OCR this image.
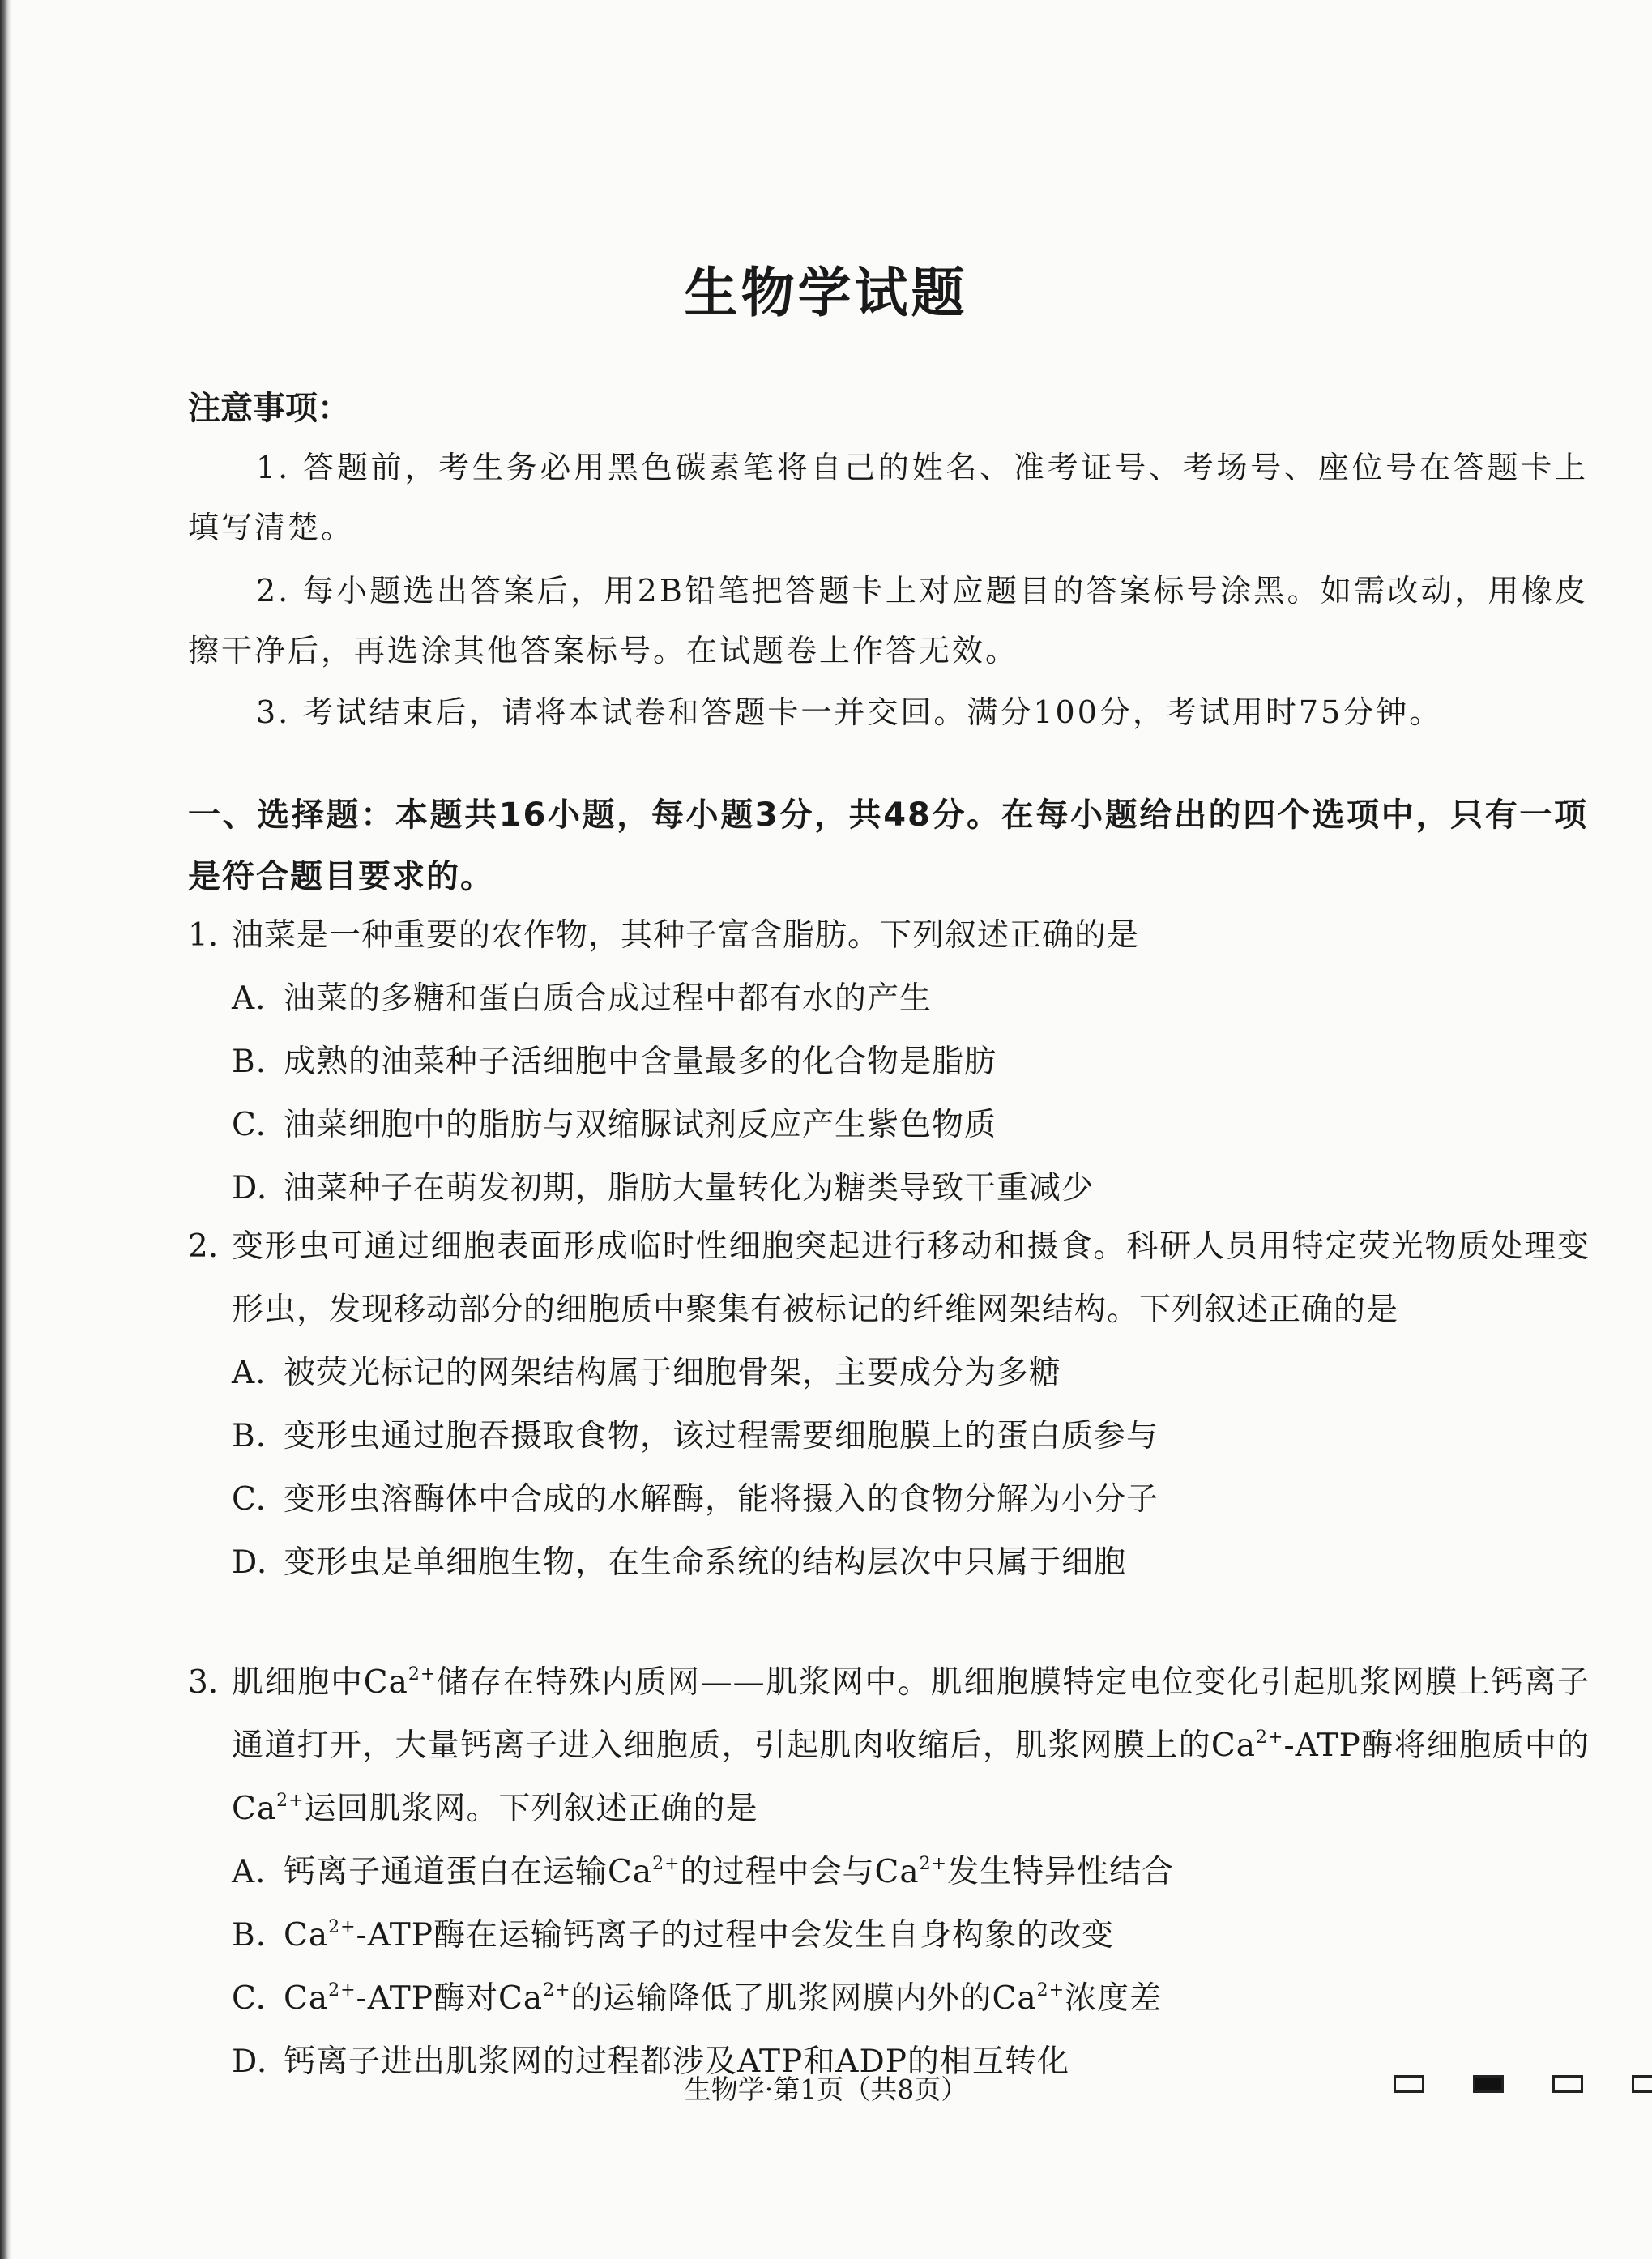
生物学试题
注意事项：

1. 答题前，考生务必用黑色碳素笔将自己的姓名、准考证号、考场号、座位号在答题卡上填写清楚。

2. 每小题选出答案后，用2B铅笔把答题卡上对应题目的答案标号涂黑。如需改动，用橡皮擦干净后，再选涂其他答案标号。在试题卷上作答无效。

3. 考试结束后，请将本试卷和答题卡一并交回。满分100分，考试用时75分钟。

一、选择题：本题共16小题，每小题3分，共48分。在每小题给出的四个选项中，只有一项是符合题目要求的。
1. 油菜是一种重要的农作物，其种子富含脂肪。下列叙述正确的是
A. 油菜的多糖和蛋白质合成过程中都有水的产生
B. 成熟的油菜种子活细胞中含量最多的化合物是脂肪
C. 油菜细胞中的脂肪与双缩脲试剂反应产生紫色物质
D. 油菜种子在萌发初期，脂肪大量转化为糖类导致干重减少
2. 变形虫可通过细胞表面形成临时性细胞突起进行移动和摄食。科研人员用特定荧光物质处理变形虫，发现移动部分的细胞质中聚集有被标记的纤维网架结构。下列叙述正确的是
A. 被荧光标记的网架结构属于细胞骨架，主要成分为多糖
B. 变形虫通过胞吞摄取食物，该过程需要细胞膜上的蛋白质参与
C. 变形虫溶酶体中合成的水解酶，能将摄入的食物分解为小分子
D. 变形虫是单细胞生物，在生命系统的结构层次中只属于细胞
3. 肌细胞中$Ca^{2+}$储存在特殊内质网——肌浆网中。肌细胞膜特定电位变化引起肌浆网膜上钙离子通道打开，大量钙离子进入细胞质，引起肌肉收缩后，肌浆网膜上的$Ca^{2+}$-ATP酶将细胞质中的$Ca^{2+}$运回肌浆网。下列叙述正确的是
A. 钙离子通道蛋白在运输$Ca^{2+}$的过程中会与$Ca^{2+}$发生特异性结合
B. $Ca^{2+}$-ATP酶在运输钙离子的过程中会发生自身构象的改变
C. $Ca^{2+}$-ATP酶对$Ca^{2+}$的运输降低了肌浆网膜内外的$Ca^{2+}$浓度差
D. 钙离子进出肌浆网的过程都涉及ATP和ADP的相互转化

生物学·第1页（共8页）
